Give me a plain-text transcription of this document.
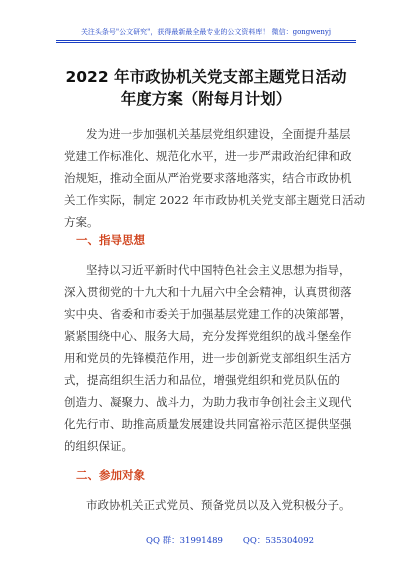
关注头条号"公文研究"，获得最新最全最专业的公文资料库！ 微信：gongwenyj
2022 年市政协机关党支部主题党日活动
年度方案（附每月计划）
发为进一步加强机关基层党组织建设，全面提升基层
党建工作标准化、规范化水平，进一步严肃政治纪律和政
治规矩，推动全面从严治党要求落地落实，结合市政协机
关工作实际，制定 2022 年市政协机关党支部主题党日活动
方案。
一、指导思想
坚持以习近平新时代中国特色社会主义思想为指导，
深入贯彻党的十九大和十九届六中全会精神，认真贯彻落
实中央、省委和市委关于加强基层党建工作的决策部署，
紧紧围绕中心、服务大局，充分发挥党组织的战斗堡垒作
用和党员的先锋模范作用，进一步创新党支部组织生活方
式，提高组织生活力和品位，增强党组织和党员队伍的
创造力、凝聚力、战斗力，为助力我市争创社会主义现代
化先行市、助推高质量发展建设共同富裕示范区提供坚强
的组织保证。
二、参加对象
市政协机关正式党员、预备党员以及入党积极分子。
QQ 群：31991489 QQ：535304092
